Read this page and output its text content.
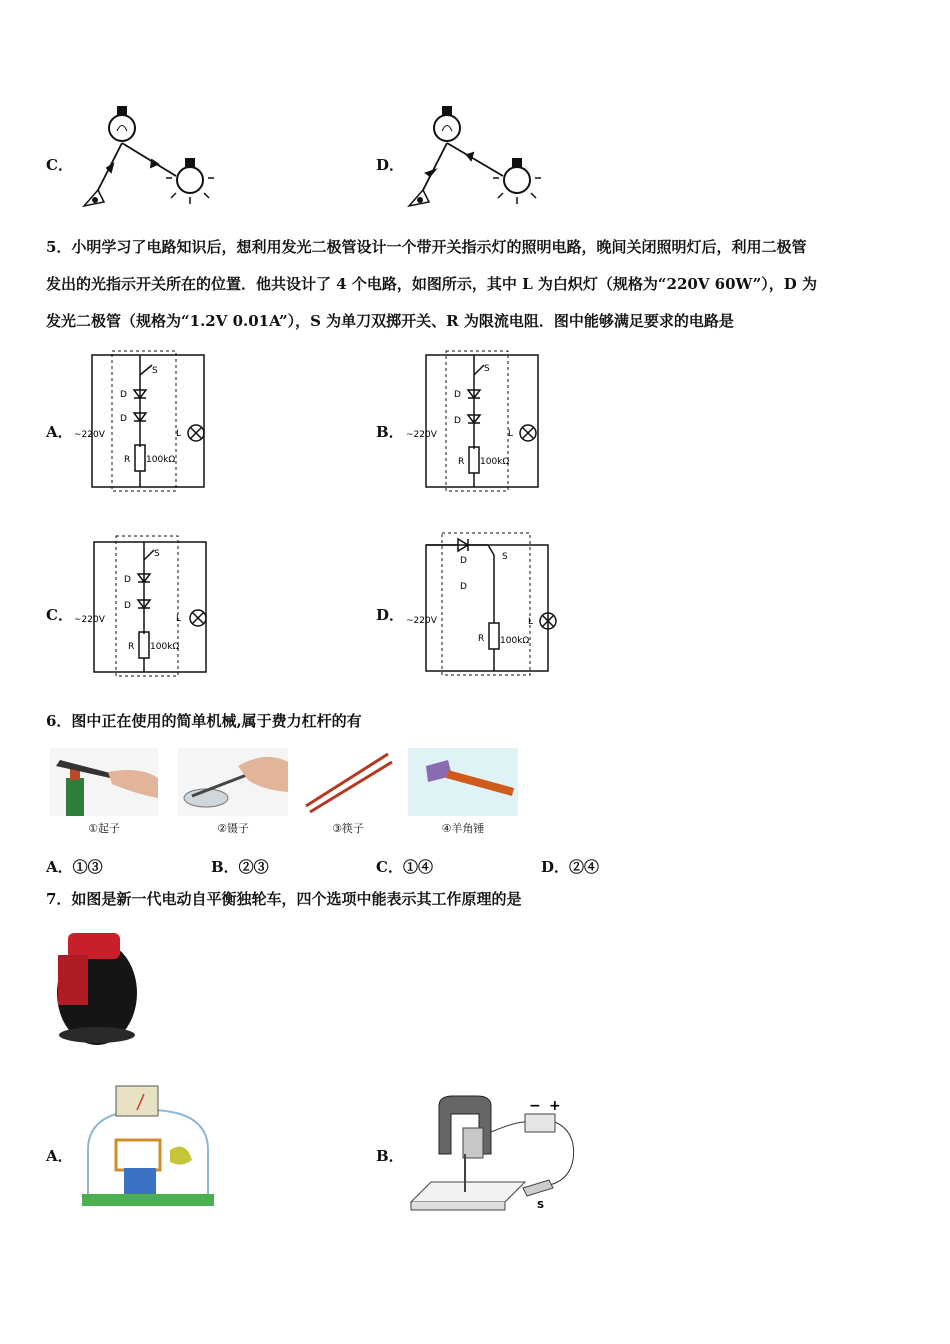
C．	D．
5．小明学习了电路知识后，想利用发光二极管设计一个带开关指示灯的照明电路，晚间关闭照明灯后，利用二极管
发出的光指示开关所在的位置．他共设计了 4 个电路，如图所示，其中 L 为白炽灯（规格为“220V 60W”），D 为
发光二极管（规格为“1.2V 0.01A”），S 为单刀双掷开关、R 为限流电阻．图中能够满足要求的电路是
A． ~220V
S
D
D
R 100kΩ
L	B． ~220V
S
D
D
R 100kΩ
L
C． ~220V
S
D
D
R 100kΩ
L	D．
D
D
S
~220V
R 100kΩ
L
6．图中正在使用的简单机械,属于费力杠杆的有
①起子	②镊子	③筷子	④羊角锤
A．①③	B．②③	C．①④	D．②④
7．如图是新一代电动自平衡独轮车，四个选项中能表示其工作原理的是
A．	B．
− +
S
